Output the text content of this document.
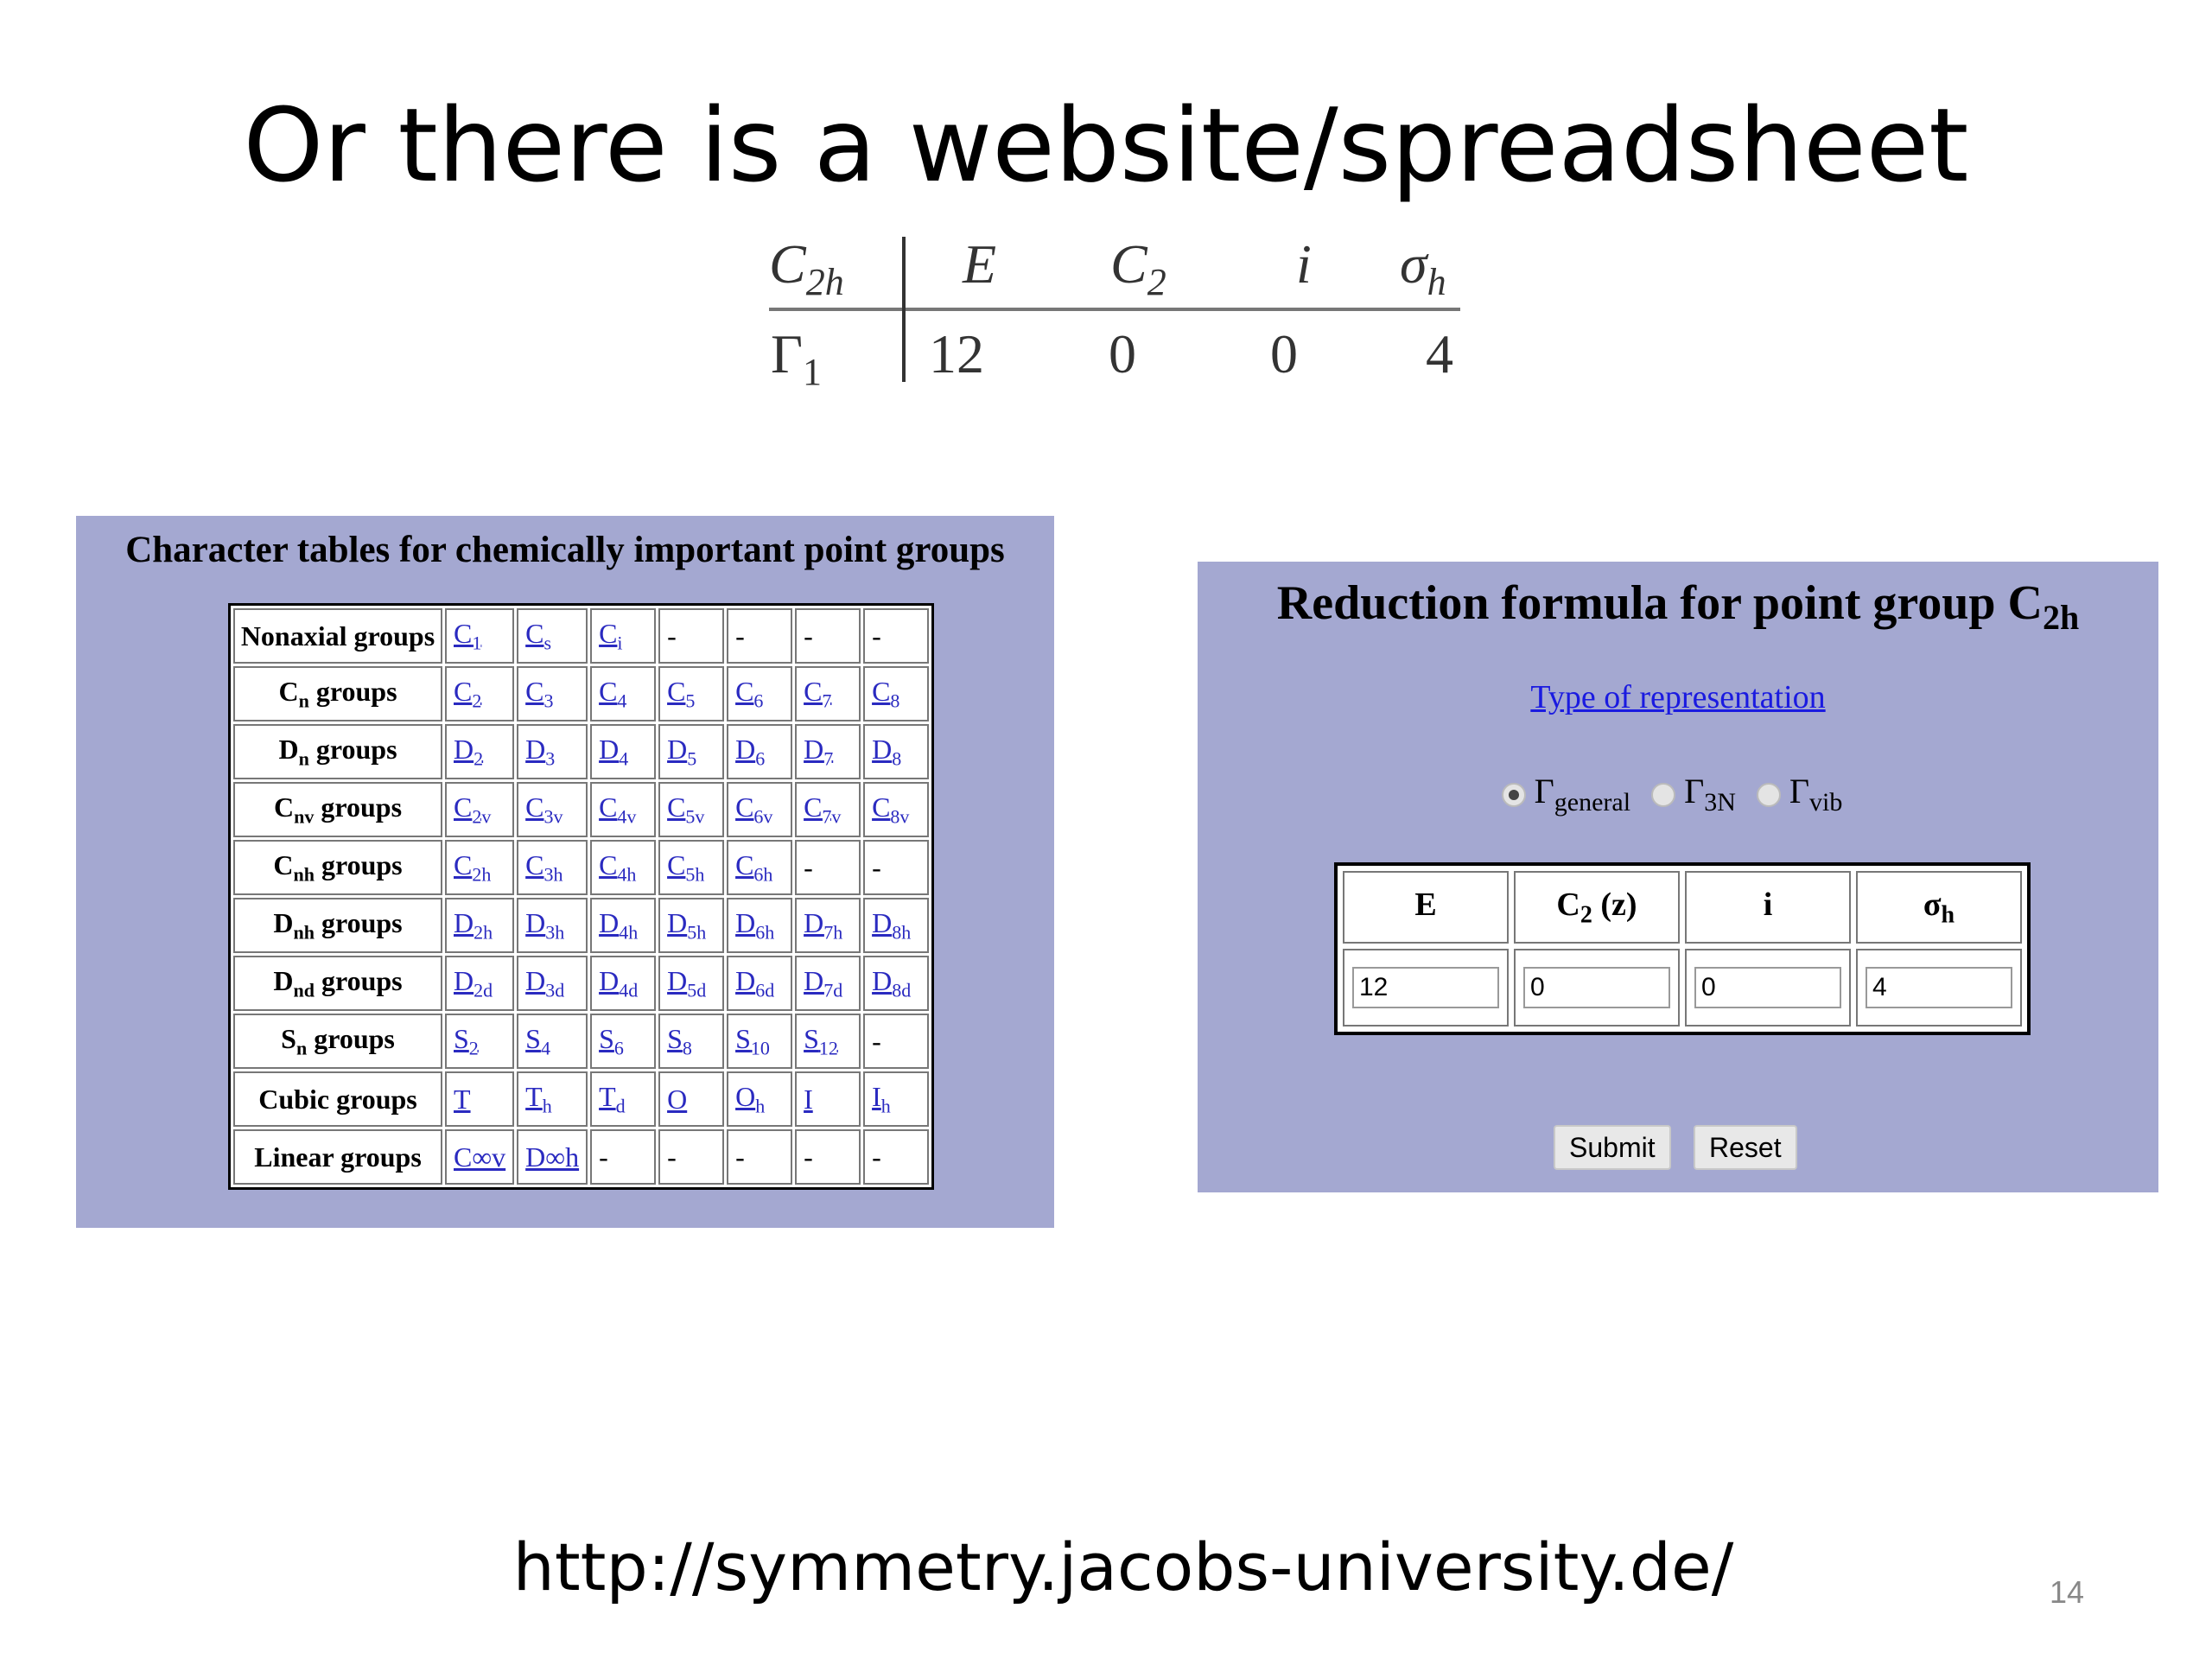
Or there is a website/spreadsheet
$C_{2h}$ E $C_2$ i $\sigma_h$
$\Gamma_1$ 12 0 0 4
Character tables for chemically important point groups
Nonaxial groups	$C_1$	$C_s$	$C_i$	-	-	-	-
$C_n$ groups	$C_2$	$C_3$	$C_4$	$C_5$	$C_6$	$C_7$	$C_8$
$D_n$ groups	$D_2$	$D_3$	$D_4$	$D_5$	$D_6$	$D_7$	$D_8$
$C_{nv}$ groups	$C_{2v}$	$C_{3v}$	$C_{4v}$	$C_{5v}$	$C_{6v}$	$C_{7v}$	$C_{8v}$
$C_{nh}$ groups	$C_{2h}$	$C_{3h}$	$C_{4h}$	$C_{5h}$	$C_{6h}$	-	-
$D_{nh}$ groups	$D_{2h}$	$D_{3h}$	$D_{4h}$	$D_{5h}$	$D_{6h}$	$D_{7h}$	$D_{8h}$
$D_{nd}$ groups	$D_{2d}$	$D_{3d}$	$D_{4d}$	$D_{5d}$	$D_{6d}$	$D_{7d}$	$D_{8d}$
$S_n$ groups	$S_2$	$S_4$	$S_6$	$S_8$	$S_{10}$	$S_{12}$	-
Cubic groups	T	$T_h$	$T_d$	O	$O_h$	I	$I_h$
Linear groups	C∞v	D∞h	-	-	-	-	-
Reduction formula for point group $C_{2h}$
Type of representation
$\Gamma_{general}$ $\Gamma_{3N}$ $\Gamma_{vib}$
E	$C_2$ (z)	i	$\sigma_h$
12	0	0	4
Submit	Reset
http://symmetry.jacobs-university.de/	14
